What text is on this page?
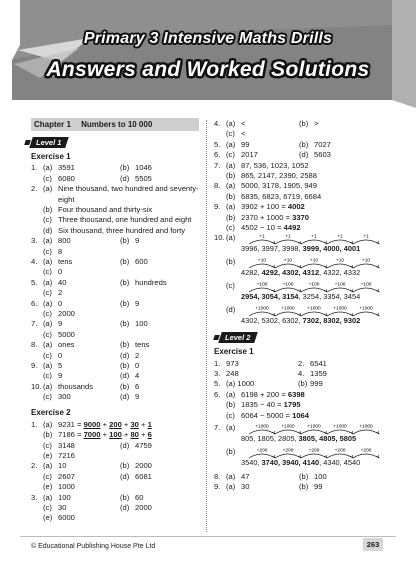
Primary 3 Intensive Maths Drills
Answers and Worked Solutions
Chapter 1 Numbers to 10 000
Level 1
Exercise 1
1. (a) 3591	(b) 1046
(c) 6080	(d) 5505
2. (a) Nine thousand, two hundred and seventy-eight
(b) Four thousand and thirty-six
(c) Three thousand, one hundred and eight
(d) Six thousand, three hundred and forty
3. (a) 800	(b) 9
(c) 8
4. (a) tens	(b) 600
(c) 0
5. (a) 40	(b) hundreds
(c) 2
6. (a) 0	(b) 9
(c) 2000
7. (a) 9	(b) 100
(c) 5000
8. (a) ones	(b) tens
(c) 0	(d) 2
9. (a) 5	(b) 0
(c) 9	(d) 4
10. (a) thousands	(b) 6
(c) 300	(d) 9
Exercise 2
1. (a) 9231 = 9000 + 200 + 30 + 1
(b) 7186 = 7000 + 100 + 80 + 6
(c) 3148	(d) 4759
(e) 7216
2. (a) 10	(b) 2000
(c) 2607	(d) 6081
(e) 1000
3. (a) 100	(b) 60
(c) 30	(d) 2000
(e) 6000
4. (a) <	(b) >
(c) <
5. (a) 99	(b) 7027
6. (c) 2017	(d) 5603
7. (a) 87, 536, 1023, 1052
(b) 865, 2147, 2390, 2588
8. (a) 5000, 3178, 1905, 949
(b) 6835, 6823, 6719, 6684
9. (a) 3902 + 100 = 4002
(b) 2370 + 1000 = 3370
(c) 4502 − 10 = 4492
10. (a)	+1	+1	+1	+1	+1
3996, 3997, 3998, 3999, 4000, 4001
(b)	+10	+10	+10	+10	+10
4282, 4292, 4302, 4312, 4322, 4332
(c)	+100	+100	+100	+100	+100
2954, 3054, 3154, 3254, 3354, 3454
(d)	+1000	+1000	+1000	+1000	+1000
4302, 5302, 6302, 7302, 8302, 9302
Level 2
Exercise 1
1. 973	2. 6541
3. 248	4. 1359
5. (a) 1000	(b) 999
6. (a) 6198 + 200 = 6398
(b) 1835 − 40 = 1795
(c) 6064 − 5000 = 1064
7. (a)	+1000	+1000	+1000	+1000	+1000
805, 1805, 2805, 3805, 4805, 5805
(b)	+200	+200	+200	+200	+200
3540, 3740, 3940, 4140, 4340, 4540
8. (a) 47	(b) 100
9. (a) 30	(b) 99
© Educational Publishing House Pte Ltd	263
